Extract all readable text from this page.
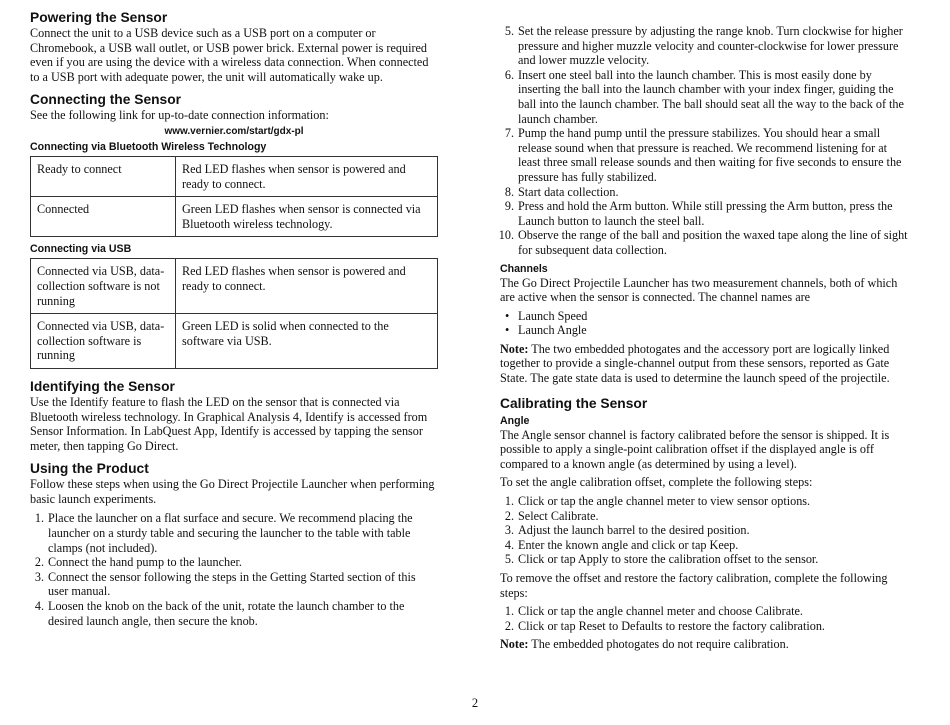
Powering the Sensor

Connect the unit to a USB device such as a USB port on a computer or Chromebook, a USB wall outlet, or USB power brick. External power is required even if you are using the device with a wireless data connection. When connected to a USB port with adequate power, the unit will automatically wake up.

Connecting the Sensor

See the following link for up-to-date connection information:

www.vernier.com/start/gdx-pl
Connecting via Bluetooth Wireless Technology
Ready to connect	Red LED flashes when sensor is powered and ready to connect.
Connected	Green LED flashes when sensor is connected via Bluetooth wireless technology.
Connecting via USB
Connected via USB, data-collection software is not running	Red LED flashes when sensor is powered and ready to connect.
Connected via USB, data-collection software is running	Green LED is solid when connected to the software via USB.
Identifying the Sensor

Use the Identify feature to flash the LED on the sensor that is connected via Bluetooth wireless technology. In Graphical Analysis 4, Identify is accessed from Sensor Information. In LabQuest App, Identify is accessed by tapping the sensor meter, then tapping Go Direct.

Using the Product

Follow these steps when using the Go Direct Projectile Launcher when performing basic launch experiments.

1. Place the launcher on a flat surface and secure. We recommend placing the launcher on a sturdy table and securing the launcher to the table with table clamps (not included).
2. Connect the hand pump to the launcher.
3. Connect the sensor following the steps in the Getting Started section of this user manual.
4. Loosen the knob on the back of the unit, rotate the launch chamber to the desired launch angle, then secure the knob.
5. Set the release pressure by adjusting the range knob. Turn clockwise for higher pressure and higher muzzle velocity and counter-clockwise for lower pressure and lower muzzle velocity.
6. Insert one steel ball into the launch chamber. This is most easily done by inserting the ball into the launch chamber with your index finger, guiding the ball into the launch chamber. The ball should seat all the way to the back of the launch chamber.
7. Pump the hand pump until the pressure stabilizes. You should hear a small release sound when that pressure is reached. We recommend listening for at least three small release sounds and then waiting for five seconds to ensure the pressure has fully stabilized.
8. Start data collection.
9. Press and hold the Arm button. While still pressing the Arm button, press the Launch button to launch the steel ball.
10. Observe the range of the ball and position the waxed tape along the line of sight for subsequent data collection.
Channels

The Go Direct Projectile Launcher has two measurement channels, both of which are active when the sensor is connected. The channel names are

• Launch Speed
• Launch Angle

Note: The two embedded photogates and the accessory port are logically linked together to provide a single-channel output from these sensors, reported as Gate State. The gate state data is used to determine the launch speed of the projectile.

Calibrating the Sensor
Angle

The Angle sensor channel is factory calibrated before the sensor is shipped. It is possible to apply a single-point calibration offset if the displayed angle is off compared to a known angle (as determined by using a level).

To set the angle calibration offset, complete the following steps:

1. Click or tap the angle channel meter to view sensor options.
2. Select Calibrate.
3. Adjust the launch barrel to the desired position.
4. Enter the known angle and click or tap Keep.
5. Click or tap Apply to store the calibration offset to the sensor.

To remove the offset and restore the factory calibration, complete the following steps:

1. Click or tap the angle channel meter and choose Calibrate.
2. Click or tap Reset to Defaults to restore the factory calibration.

Note: The embedded photogates do not require calibration.

2
